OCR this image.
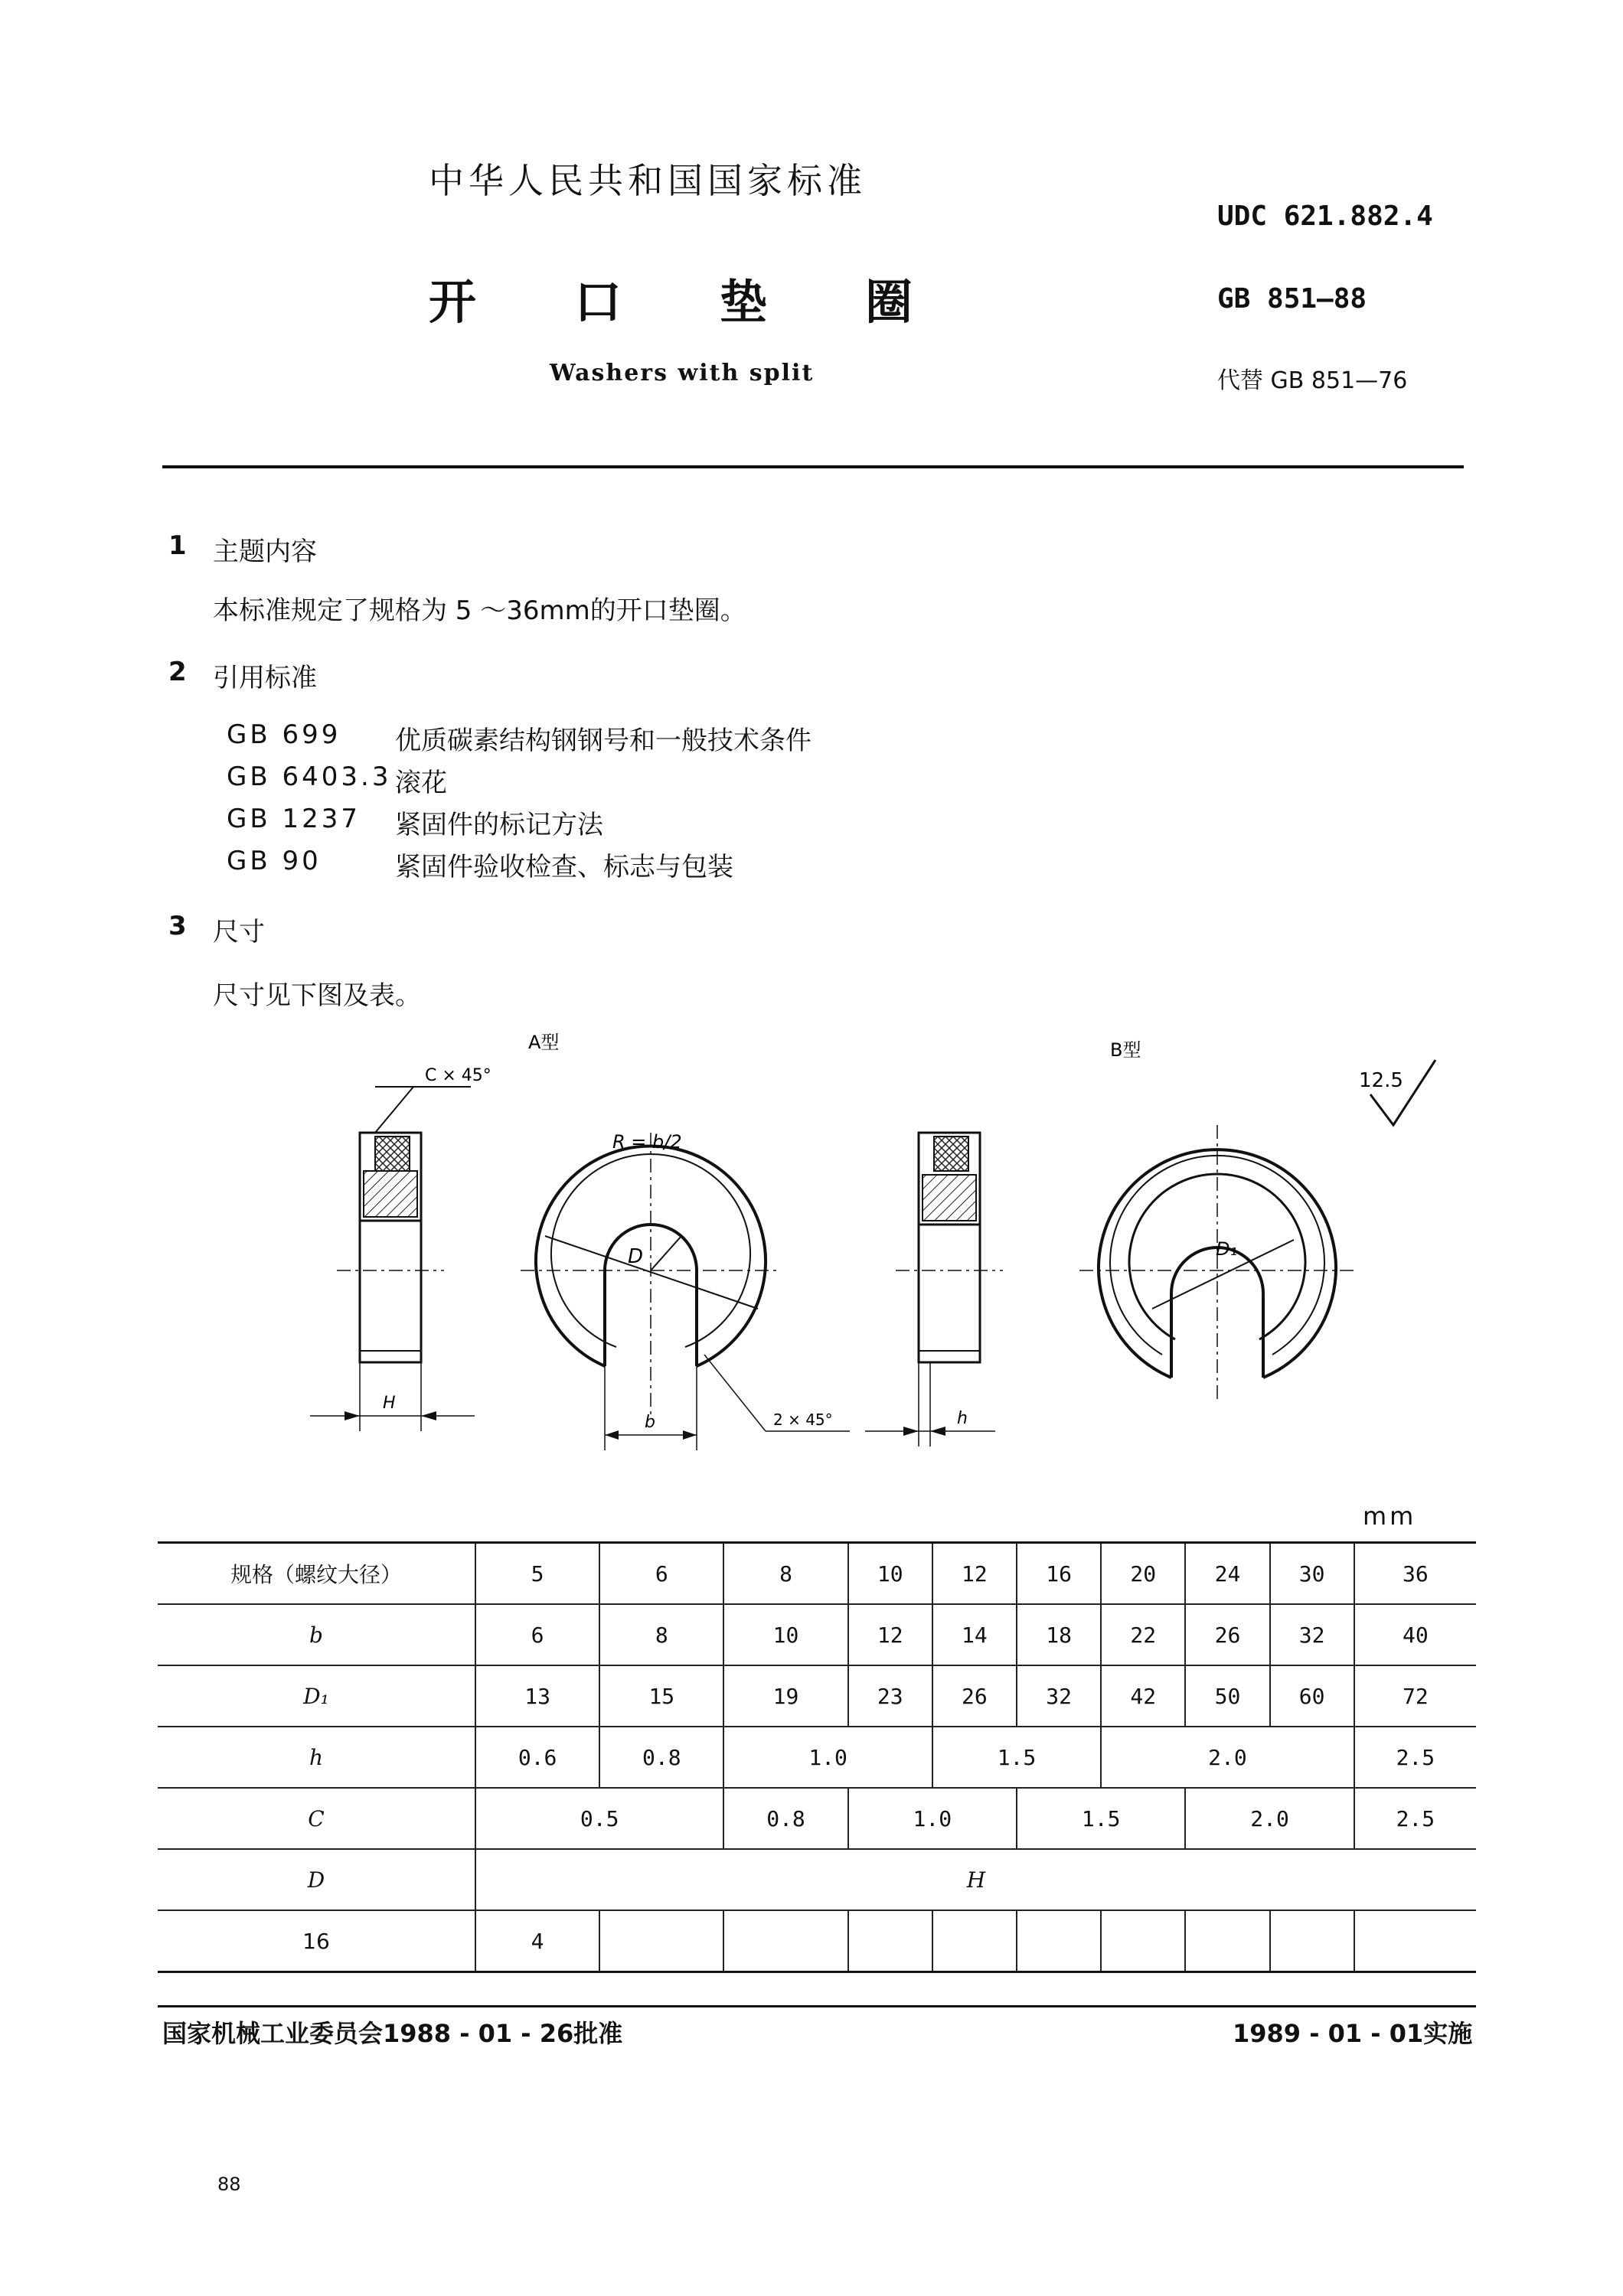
中华人民共和国国家标准
开 口 垫 圈
Washers with split
UDC 621.882.4
GB 851—88
代替 GB 851—76
1 主题内容
本标准规定了规格为 5 ～36mm的开口垫圈。
2 引用标准
GB 699	优质碳素结构钢钢号和一般技术条件
GB 6403.3 滚花
GB 1237	紧固件的标记方法
GB 90	紧固件验收检查、标志与包装
3 尺寸
尺寸见下图及表。
A型	B型
12.5
C × 45°
H
R = b/2
D
b	2 × 45°	h
D₁
mm
规格（螺纹大径）	5	6	8	10	12	16	20	24	30	36
b	6	8	10	12	14	18	22	26	32	40
D₁	13	15	19	23	26	32	42	50	60	72
h	0.6	0.8	1.0		1.5		2.0			2.5
C	0.5		0.8	1.0		1.5		2.0		2.5
D	H									
16	4									
国家机械工业委员会1988 - 01 - 26批准	1989 - 01 - 01实施
88
